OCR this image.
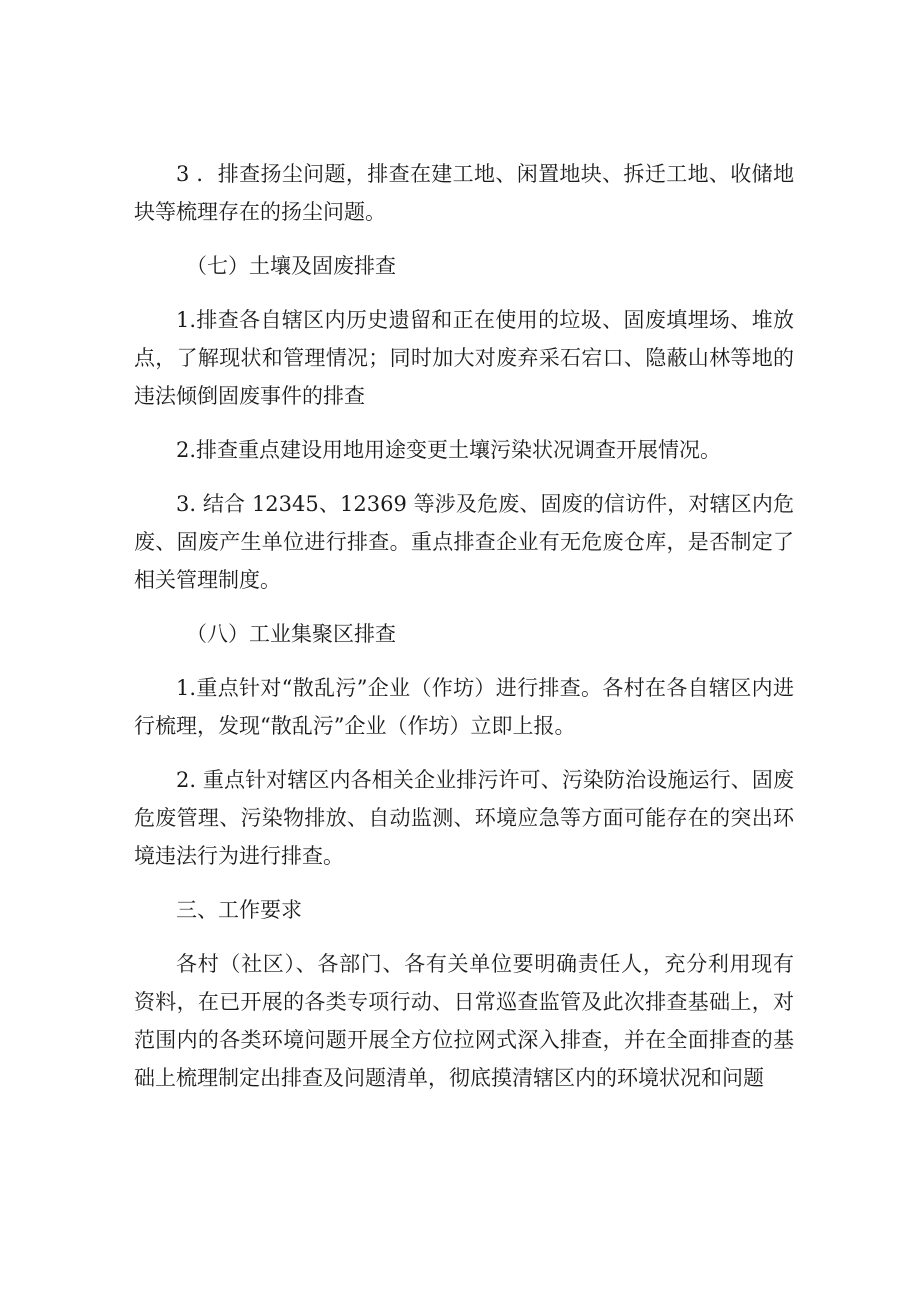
3 ．排查扬尘问题，排查在建工地、闲置地块、拆迁工地、收储地块等梳理存在的扬尘问题。

（七）土壤及固废排查

1.排查各自辖区内历史遗留和正在使用的垃圾、固废填埋场、堆放点，了解现状和管理情况；同时加大对废弃采石宕口、隐蔽山林等地的违法倾倒固废事件的排查

2.排查重点建设用地用途变更土壤污染状况调查开展情况。

3. 结合 12345、12369 等涉及危废、固废的信访件，对辖区内危废、固废产生单位进行排查。重点排查企业有无危废仓库，是否制定了相关管理制度。

（八）工业集聚区排查

1.重点针对“散乱污”企业（作坊）进行排查。各村在各自辖区内进行梳理，发现“散乱污”企业（作坊）立即上报。

2. 重点针对辖区内各相关企业排污许可、污染防治设施运行、固废危废管理、污染物排放、自动监测、环境应急等方面可能存在的突出环境违法行为进行排查。

三、工作要求

各村（社区）、各部门、各有关单位要明确责任人，充分利用现有资料，在已开展的各类专项行动、日常巡查监管及此次排查基础上，对范围内的各类环境问题开展全方位拉网式深入排查，并在全面排查的基础上梳理制定出排查及问题清单，彻底摸清辖区内的环境状况和问题
